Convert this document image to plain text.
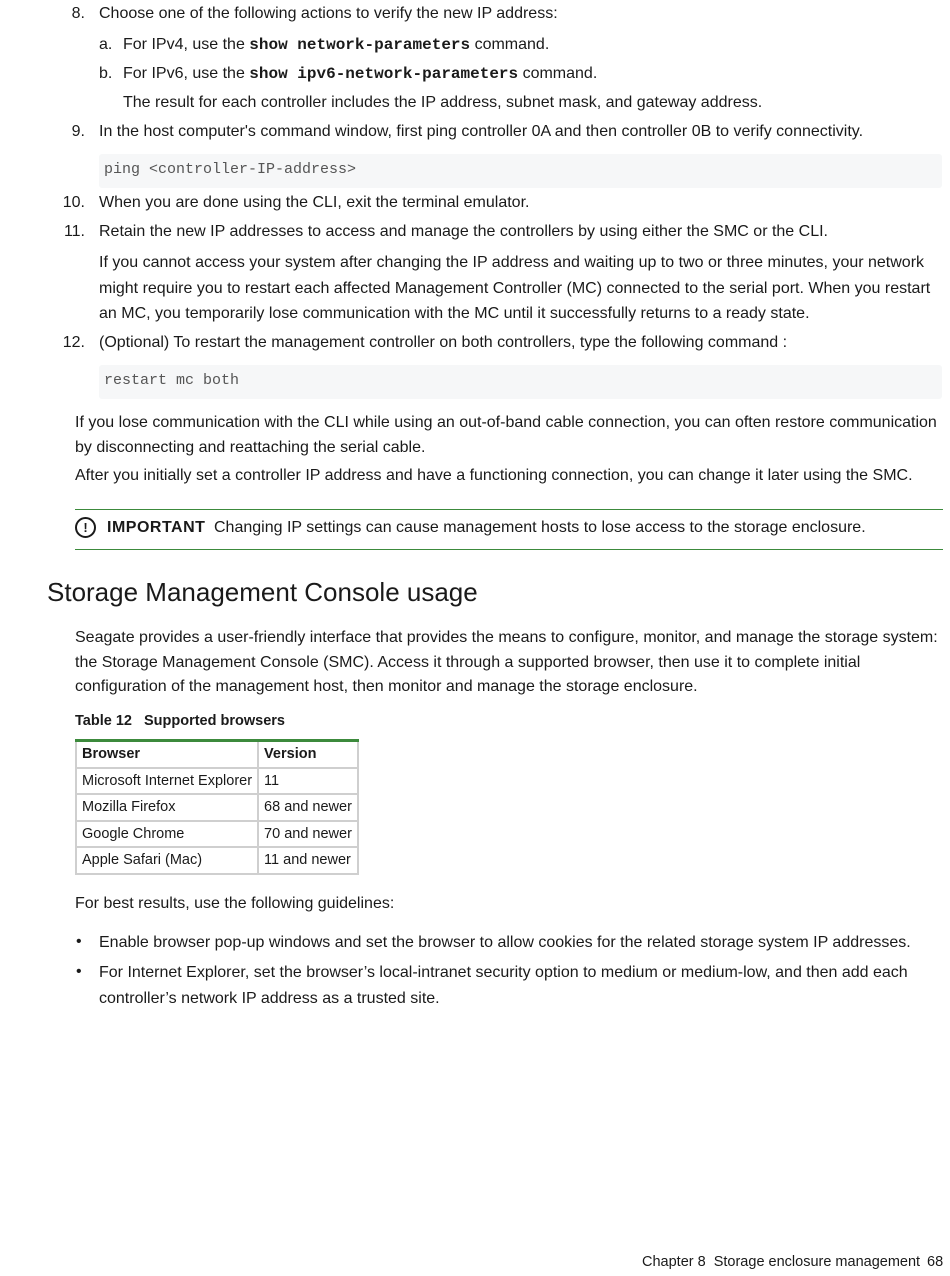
8. Choose one of the following actions to verify the new IP address:
a. For IPv4, use the show network-parameters command.
b. For IPv6, use the show ipv6-network-parameters command.
The result for each controller includes the IP address, subnet mask, and gateway address.
9. In the host computer's command window, first ping controller 0A and then controller 0B to verify connectivity.
ping <controller-IP-address>
10. When you are done using the CLI, exit the terminal emulator.
11. Retain the new IP addresses to access and manage the controllers by using either the SMC or the CLI.
If you cannot access your system after changing the IP address and waiting up to two or three minutes, your network might require you to restart each affected Management Controller (MC) connected to the serial port. When you restart an MC, you temporarily lose communication with the MC until it successfully returns to a ready state.
12. (Optional) To restart the management controller on both controllers, type the following command :
restart mc both
If you lose communication with the CLI while using an out-of-band cable connection, you can often restore communication by disconnecting and reattaching the serial cable.
After you initially set a controller IP address and have a functioning connection, you can change it later using the SMC.
!	IMPORTANT Changing IP settings can cause management hosts to lose access to the storage enclosure.
Storage Management Console usage
Seagate provides a user-friendly interface that provides the means to configure, monitor, and manage the storage system: the Storage Management Console (SMC). Access it through a supported browser, then use it to complete initial configuration of the management host, then monitor and manage the storage enclosure.
Table 12 Supported browsers
Browser	Version
Microsoft Internet Explorer	11
Mozilla Firefox	68 and newer
Google Chrome	70 and newer
Apple Safari (Mac)	11 and newer
For best results, use the following guidelines:
• Enable browser pop-up windows and set the browser to allow cookies for the related storage system IP addresses.
• For Internet Explorer, set the browser’s local-intranet security option to medium or medium-low, and then add each controller’s network IP address as a trusted site.
Chapter 8 Storage enclosure management 68
